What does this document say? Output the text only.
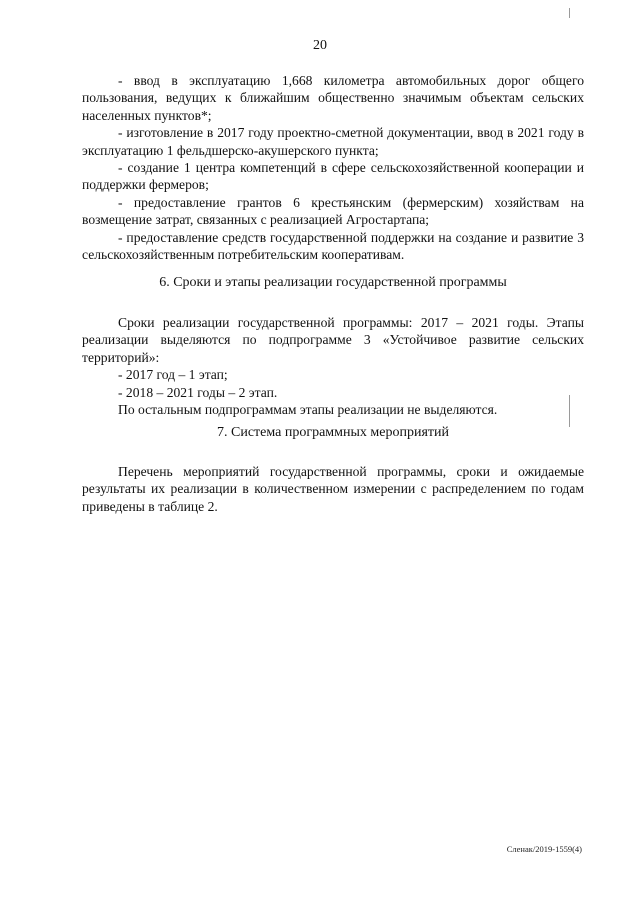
20

- ввод в эксплуатацию 1,668 километра автомобильных дорог общего пользования, ведущих к ближайшим общественно значимым объектам сельских населенных пунктов*;

- изготовление в 2017 году проектно-сметной документации, ввод в 2021 году в эксплуатацию 1 фельдшерско-акушерского пункта;

- создание 1 центра компетенций в сфере сельскохозяйственной кооперации и поддержки фермеров;

- предоставление грантов 6 крестьянским (фермерским) хозяйствам на возмещение затрат, связанных с реализацией Агростартапа;

- предоставление средств государственной поддержки на создание и развитие 3 сельскохозяйственным потребительским кооперативам.

6. Сроки и этапы реализации государственной программы

Сроки реализации государственной программы: 2017 – 2021 годы. Этапы реализации выделяются по подпрограмме 3 «Устойчивое развитие сельских территорий»:

- 2017 год – 1 этап;

- 2018 – 2021 годы – 2 этап.

По остальным подпрограммам этапы реализации не выделяются.

7. Система программных мероприятий

Перечень мероприятий государственной программы, сроки и ожидаемые результаты их реализации в количественном измерении с распределением по годам приведены в таблице 2.

Сленак/2019-1559(4)
